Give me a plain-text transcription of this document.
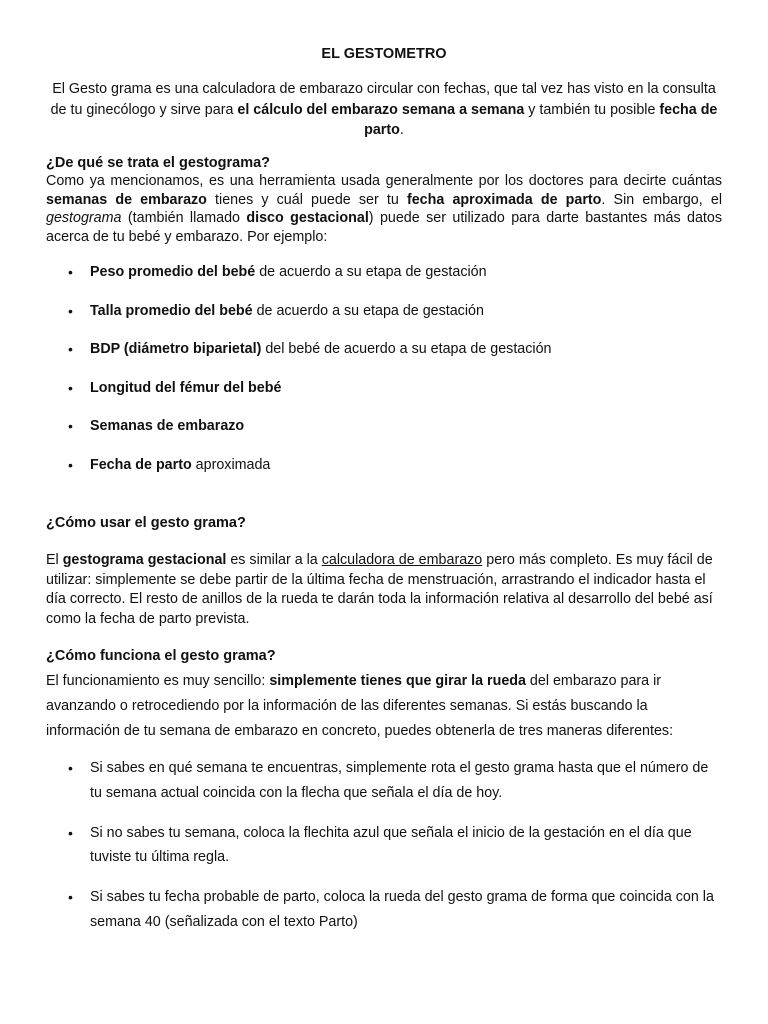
EL GESTOMETRO
El Gesto grama es una calculadora de embarazo circular con fechas, que tal vez has visto en la consulta de tu ginecólogo y sirve para el cálculo del embarazo semana a semana y también tu posible fecha de parto.
¿De qué se trata el gestograma?
Como ya mencionamos, es una herramienta usada generalmente por los doctores para decirte cuántas semanas de embarazo tienes y cuál puede ser tu fecha aproximada de parto. Sin embargo, el gestograma (también llamado disco gestacional) puede ser utilizado para darte bastantes más datos acerca de tu bebé y embarazo. Por ejemplo:
• Peso promedio del bebé de acuerdo a su etapa de gestación
• Talla promedio del bebé de acuerdo a su etapa de gestación
• BDP (diámetro biparietal) del bebé de acuerdo a su etapa de gestación
• Longitud del fémur del bebé
• Semanas de embarazo
• Fecha de parto aproximada
¿Cómo usar el gesto grama?
El gestograma gestacional es similar a la calculadora de embarazo pero más completo. Es muy fácil de utilizar: simplemente se debe partir de la última fecha de menstruación, arrastrando el indicador hasta el día correcto. El resto de anillos de la rueda te darán toda la información relativa al desarrollo del bebé así como la fecha de parto prevista.
¿Cómo funciona el gesto grama?
El funcionamiento es muy sencillo: simplemente tienes que girar la rueda del embarazo para ir avanzando o retrocediendo por la información de las diferentes semanas. Si estás buscando la información de tu semana de embarazo en concreto, puedes obtenerla de tres maneras diferentes:
• Si sabes en qué semana te encuentras, simplemente rota el gesto grama hasta que el número de tu semana actual coincida con la flecha que señala el día de hoy.
• Si no sabes tu semana, coloca la flechita azul que señala el inicio de la gestación en el día que tuviste tu última regla.
• Si sabes tu fecha probable de parto, coloca la rueda del gesto grama de forma que coincida con la semana 40 (señalizada con el texto Parto)
